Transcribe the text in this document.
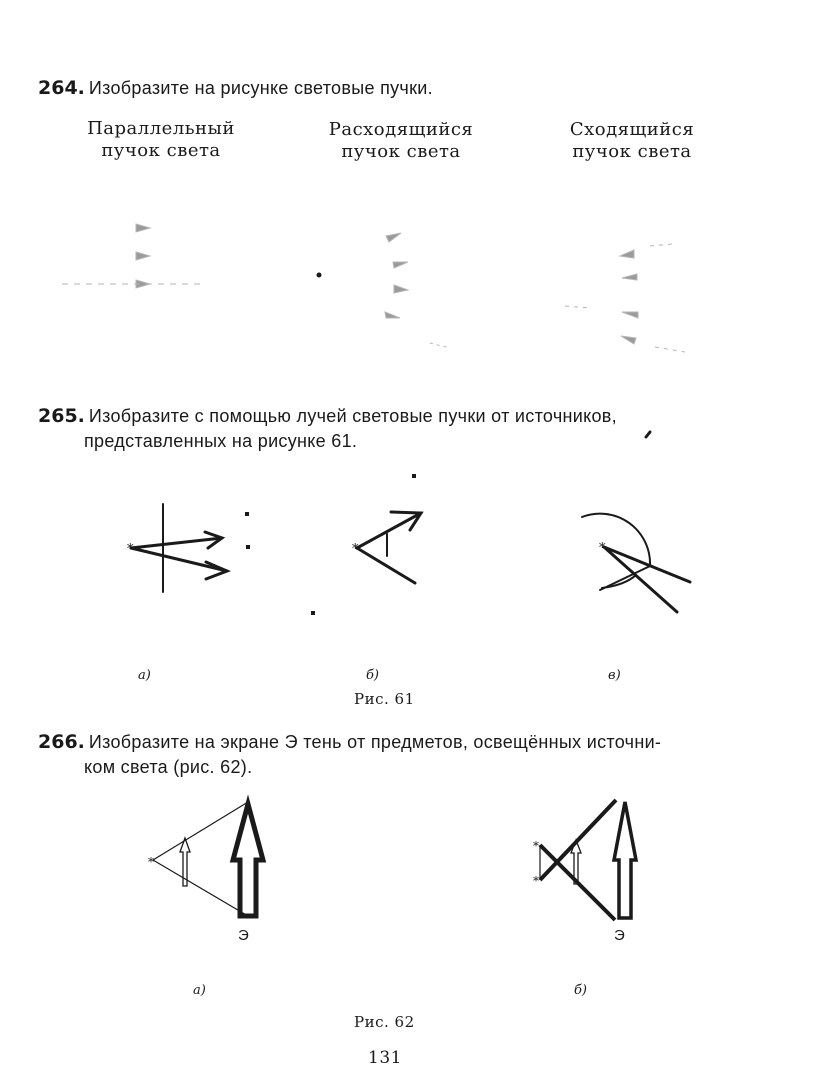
264. Изобразите на рисунке световые пучки.
Параллельный
пучок света
Расходящийся
пучок света
Сходящийся
пучок света
265. Изобразите с помощью лучей световые пучки от источников,
представленных на рисунке 61.
*	*	*
а)	б)	в)
Рис. 61
266. Изобразите на экране Э тень от предметов, освещённых источни-
ком света (рис. 62).
*
*
*
Э	Э
а)	б)
Рис. 62
131
